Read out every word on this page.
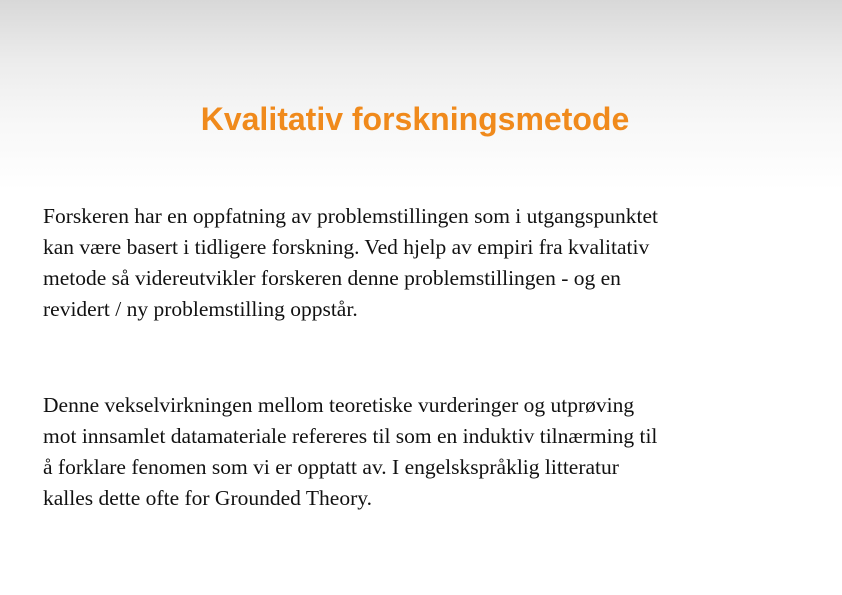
Kvalitativ forskningsmetode

Forskeren har en oppfatning av problemstillingen som i utgangspunktet
kan være basert i tidligere forskning. Ved hjelp av empiri fra kvalitativ
metode så videreutvikler forskeren denne problemstillingen - og en
revidert / ny problemstilling oppstår.

Denne vekselvirkningen mellom teoretiske vurderinger og utprøving
mot innsamlet datamateriale refereres til som en induktiv tilnærming til
å forklare fenomen som vi er opptatt av. I engelskspråklig litteratur
kalles dette ofte for Grounded Theory.
